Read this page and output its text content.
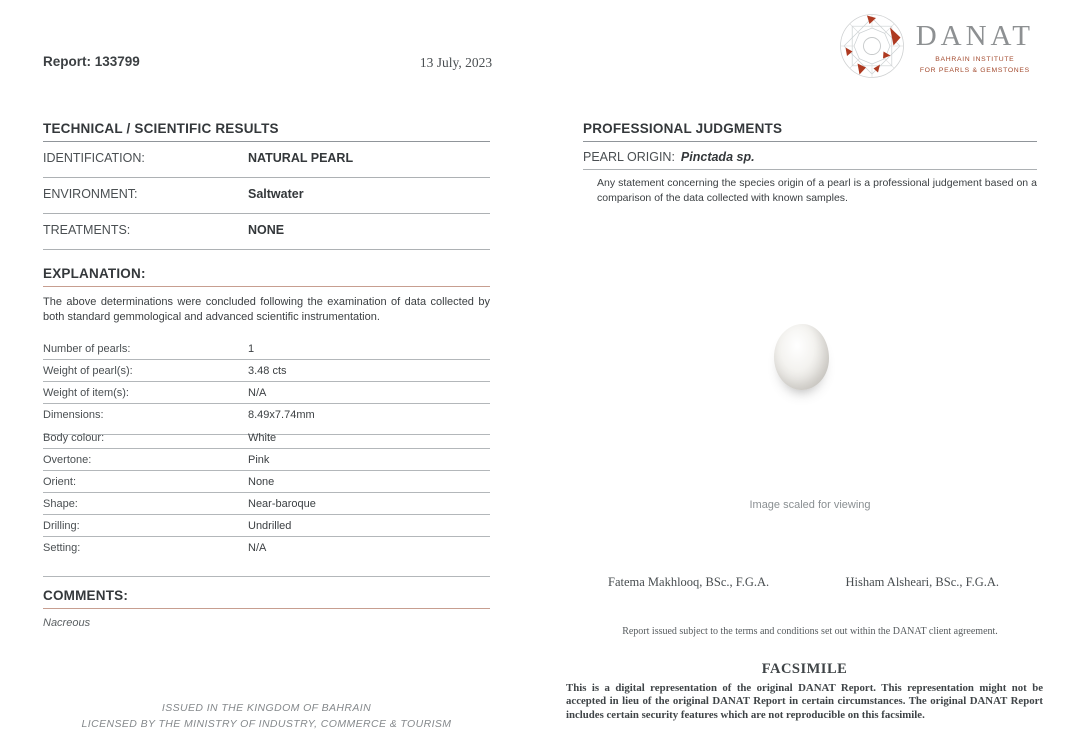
Report: 133799	13 July, 2023
DANAT
BAHRAIN INSTITUTE
FOR PEARLS & GEMSTONES
TECHNICAL / SCIENTIFIC RESULTS
IDENTIFICATION:	NATURAL PEARL
ENVIRONMENT:	Saltwater
TREATMENTS:	NONE
EXPLANATION:
The above determinations were concluded following the examination of data collected by both standard gemmological and advanced scientific instrumentation.
Number of pearls:	1
Weight of pearl(s):	3.48 cts
Weight of item(s):	N/A
Dimensions:	8.49x7.74mm
Body colour:	White
Overtone:	Pink
Orient:	None
Shape:	Near-baroque
Drilling:	Undrilled
Setting:	N/A
COMMENTS:
Nacreous
ISSUED IN THE KINGDOM OF BAHRAIN
LICENSED BY THE MINISTRY OF INDUSTRY, COMMERCE & TOURISM
PROFESSIONAL JUDGMENTS
PEARL ORIGIN: Pinctada sp.
Any statement concerning the species origin of a pearl is a professional judgement based on a comparison of the data collected with known samples.
Image scaled for viewing
Fatema Makhlooq, BSc., F.G.A.	Hisham Alsheari, BSc., F.G.A.
Report issued subject to the terms and conditions set out within the DANAT client agreement.
FACSIMILE
This is a digital representation of the original DANAT Report. This representation might not be accepted in lieu of the original DANAT Report in certain circumstances. The original DANAT Report includes certain security features which are not reproducible on this facsimile.
